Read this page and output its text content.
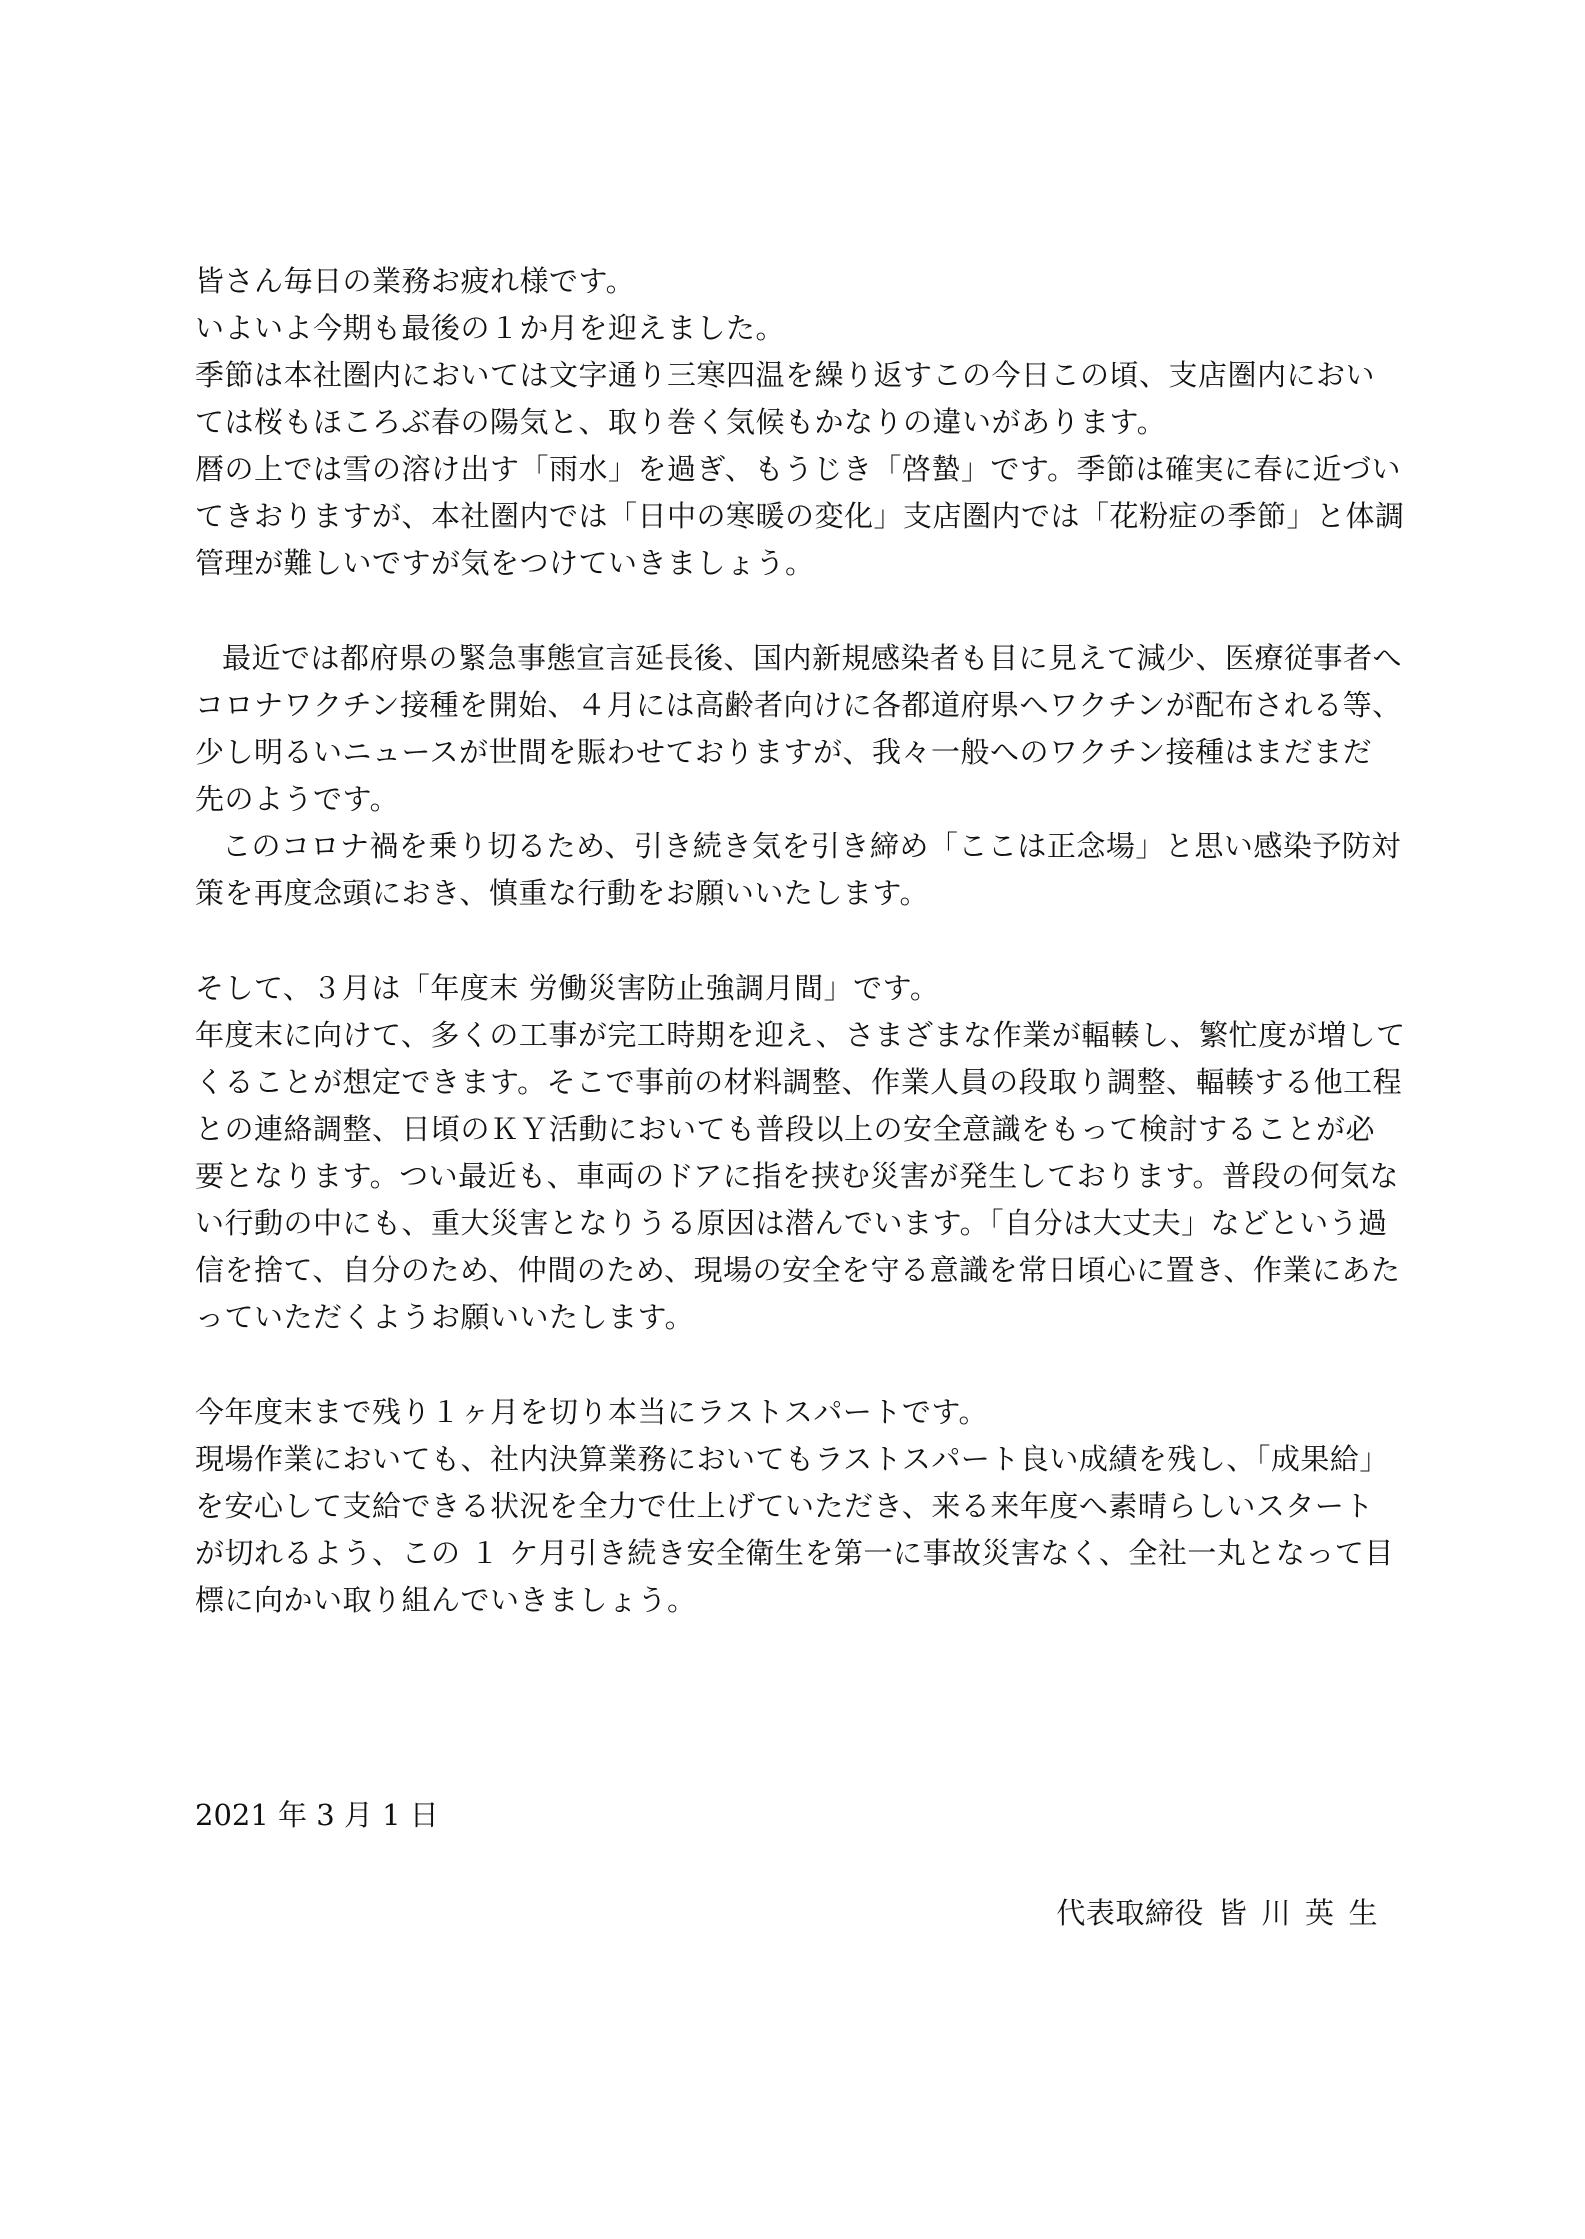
皆さん毎日の業務お疲れ様です。

いよいよ今期も最後の１か月を迎えました。

季節は本社圏内においては文字通り三寒四温を繰り返すこの今日この頃、支店圏内におい

ては桜もほころぶ春の陽気と、取り巻く気候もかなりの違いがあります。

暦の上では雪の溶け出す「雨水」を過ぎ、もうじき「啓蟄」です。季節は確実に春に近づい

てきおりますが、本社圏内では「日中の寒暖の変化」支店圏内では「花粉症の季節」と体調

管理が難しいですが気をつけていきましょう。

最近では都府県の緊急事態宣言延長後、国内新規感染者も目に見えて減少、医療従事者へ

コロナワクチン接種を開始、４月には高齢者向けに各都道府県へワクチンが配布される等、

少し明るいニュースが世間を賑わせておりますが、我々一般へのワクチン接種はまだまだ

先のようです。

このコロナ禍を乗り切るため、引き続き気を引き締め「ここは正念場」と思い感染予防対

策を再度念頭におき、慎重な行動をお願いいたします。

そして、３月は「年度末 労働災害防止強調月間」です。

年度末に向けて、多くの工事が完工時期を迎え、さまざまな作業が輻輳し、繁忙度が増して

くることが想定できます。そこで事前の材料調整、作業人員の段取り調整、輻輳する他工程

との連絡調整、日頃のＫＹ活動においても普段以上の安全意識をもって検討することが必

要となります。つい最近も、車両のドアに指を挟む災害が発生しております。普段の何気な

い行動の中にも、重大災害となりうる原因は潜んでいます。「自分は大丈夫」などという過

信を捨て、自分のため、仲間のため、現場の安全を守る意識を常日頃心に置き、作業にあた

っていただくようお願いいたします。

今年度末まで残り１ヶ月を切り本当にラストスパートです。

現場作業においても、社内決算業務においてもラストスパート良い成績を残し、「成果給」

を安心して支給できる状況を全力で仕上げていただき、来る来年度へ素晴らしいスタート

が切れるよう、この １ ケ月引き続き安全衛生を第一に事故災害なく、全社一丸となって目

標に向かい取り組んでいきましょう。

2021 年 3 月 1 日
代表取締役 皆 川 英 生
